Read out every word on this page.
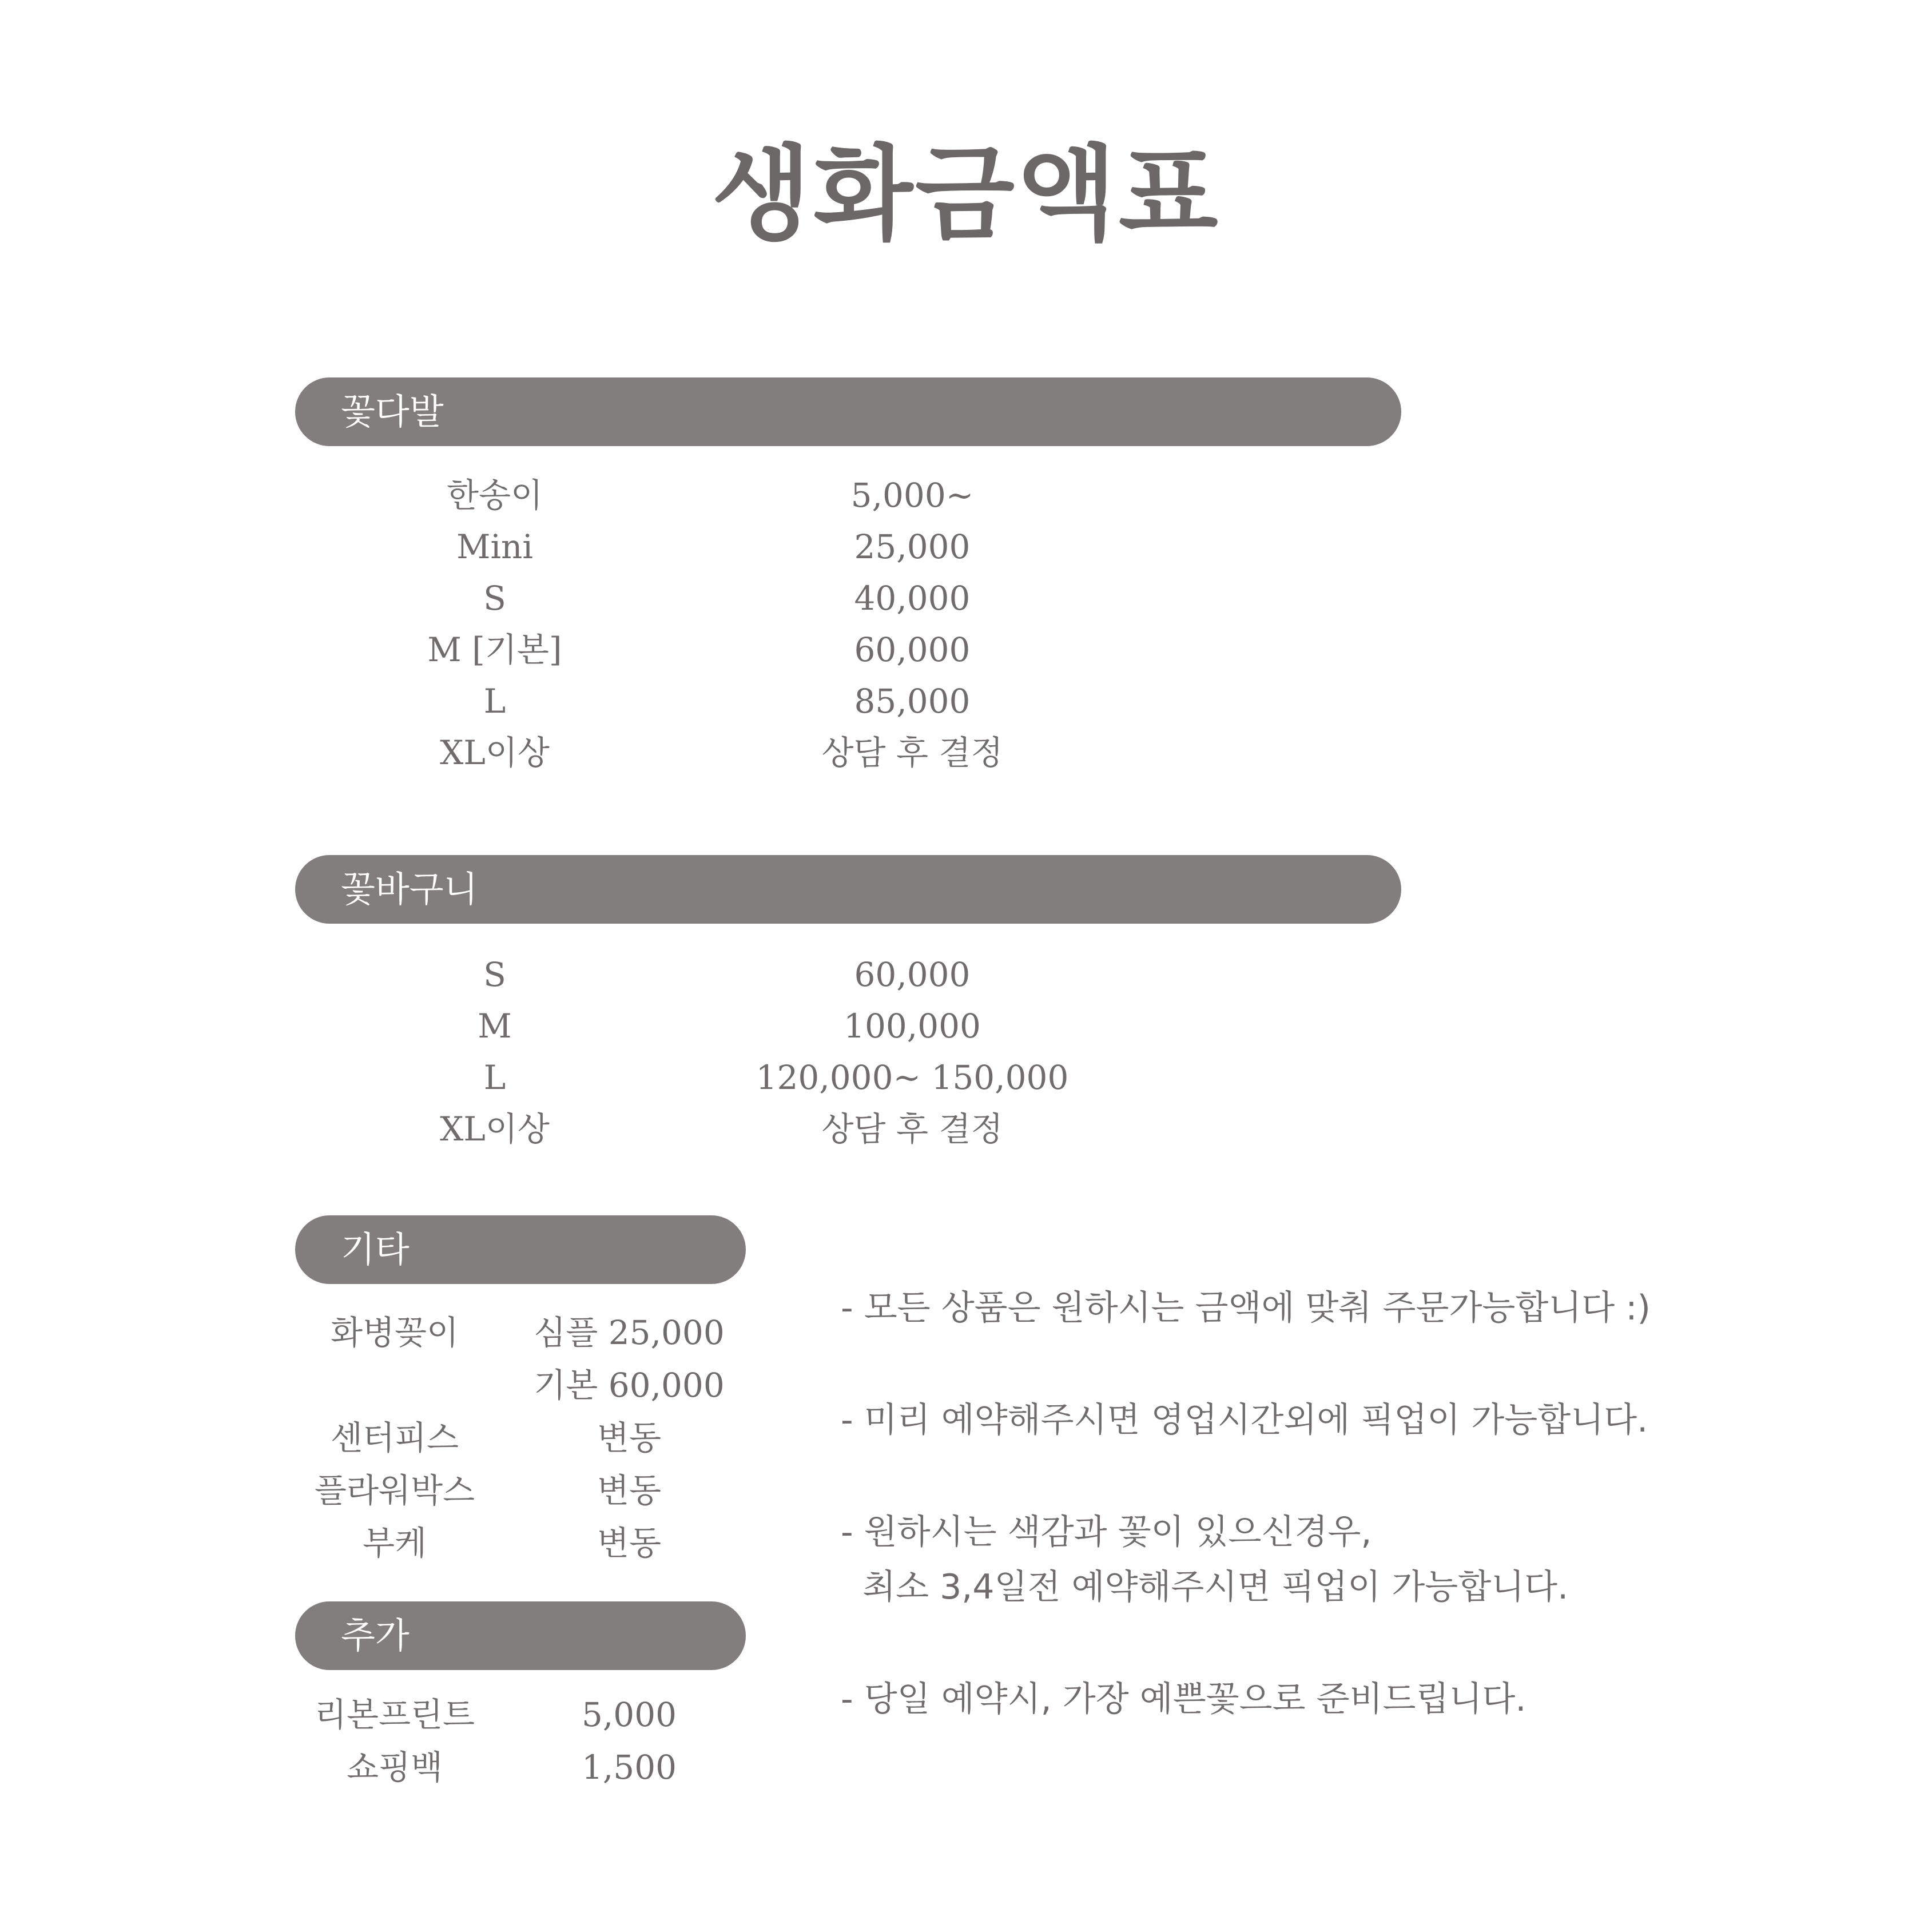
생화금액표
꽃다발
한송이	5,000~
Mini	25,000
S	40,000
M [기본]	60,000
L	85,000
XL이상	상담 후 결정
꽃바구니
S	60,000
M	100,000
L	120,000~ 150,000
XL이상	상담 후 결정
기타
화병꽂이	심플 25,000
기본 60,000
센터피스	변동
플라워박스	변동
부케	변동
추가
리본프린트	5,000
쇼핑백	1,500
- 모든 상품은 원하시는 금액에 맞춰 주문가능합니다 :)
- 미리 예약해주시면 영업시간외에 픽업이 가능합니다.
- 원하시는 색감과 꽃이 있으신경우,
최소 3,4일전 예약해주시면 픽업이 가능합니다.
- 당일 예약시, 가장 예쁜꽃으로 준비드립니다.
